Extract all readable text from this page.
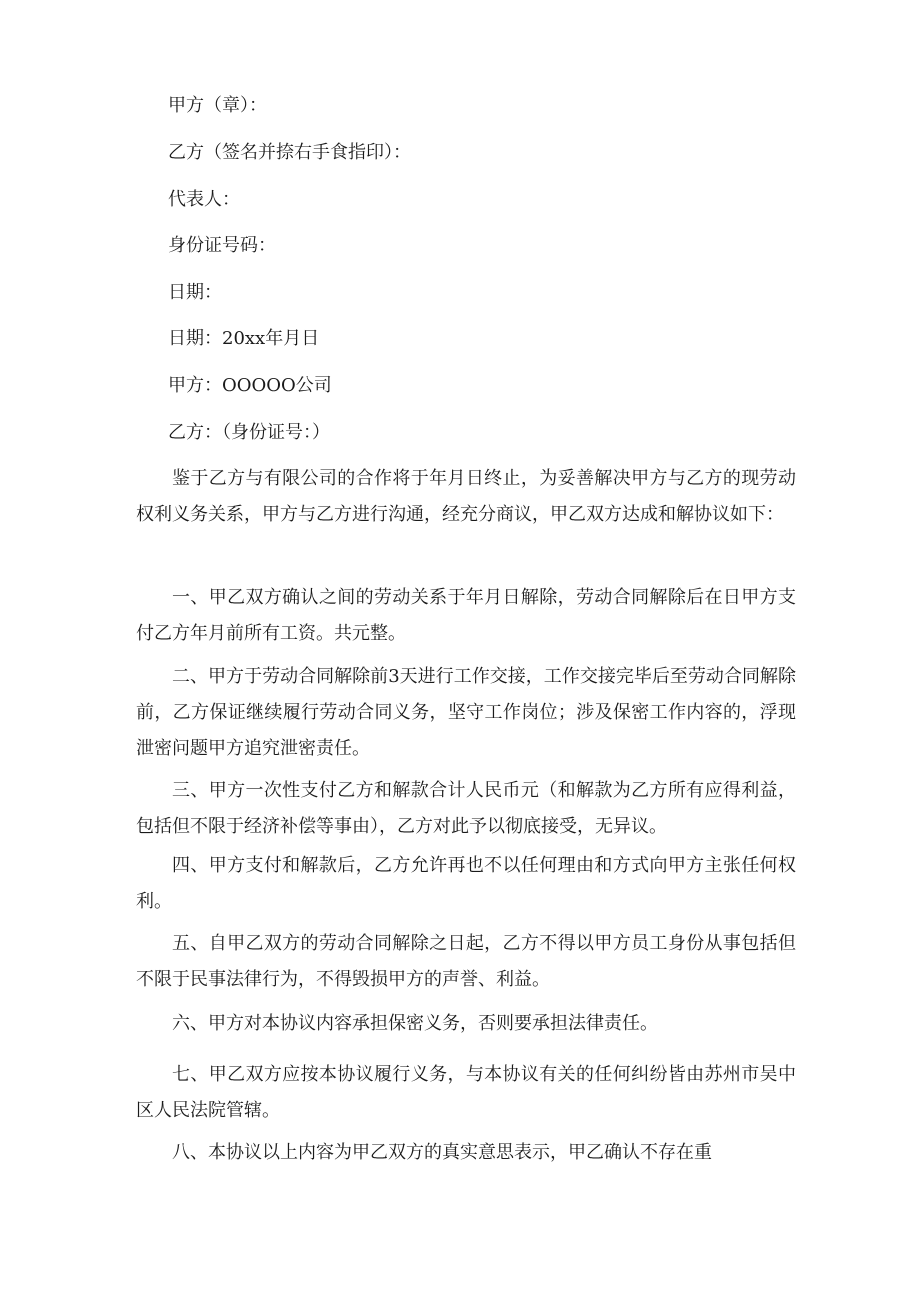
甲方（章）：

乙方（签名并捺右手食指印）：

代表人：

身份证号码：

日期：

日期：20xx年月日

甲方：OOOOO公司

乙方：（身份证号：）

鉴于乙方与有限公司的合作将于年月日终止，为妥善解决甲方与乙方的现劳动权利义务关系，甲方与乙方进行沟通，经充分商议，甲乙双方达成和解协议如下：

一、甲乙双方确认之间的劳动关系于年月日解除，劳动合同解除后在日甲方支付乙方年月前所有工资。共元整。

二、甲方于劳动合同解除前3天进行工作交接，工作交接完毕后至劳动合同解除前，乙方保证继续履行劳动合同义务，坚守工作岗位；涉及保密工作内容的，浮现泄密问题甲方追究泄密责任。

三、甲方一次性支付乙方和解款合计人民币元（和解款为乙方所有应得利益，包括但不限于经济补偿等事由），乙方对此予以彻底接受，无异议。

四、甲方支付和解款后，乙方允许再也不以任何理由和方式向甲方主张任何权利。

五、自甲乙双方的劳动合同解除之日起，乙方不得以甲方员工身份从事包括但不限于民事法律行为，不得毁损甲方的声誉、利益。

六、甲方对本协议内容承担保密义务，否则要承担法律责任。

七、甲乙双方应按本协议履行义务，与本协议有关的任何纠纷皆由苏州市吴中区人民法院管辖。

八、本协议以上内容为甲乙双方的真实意思表示，甲乙确认不存在重
